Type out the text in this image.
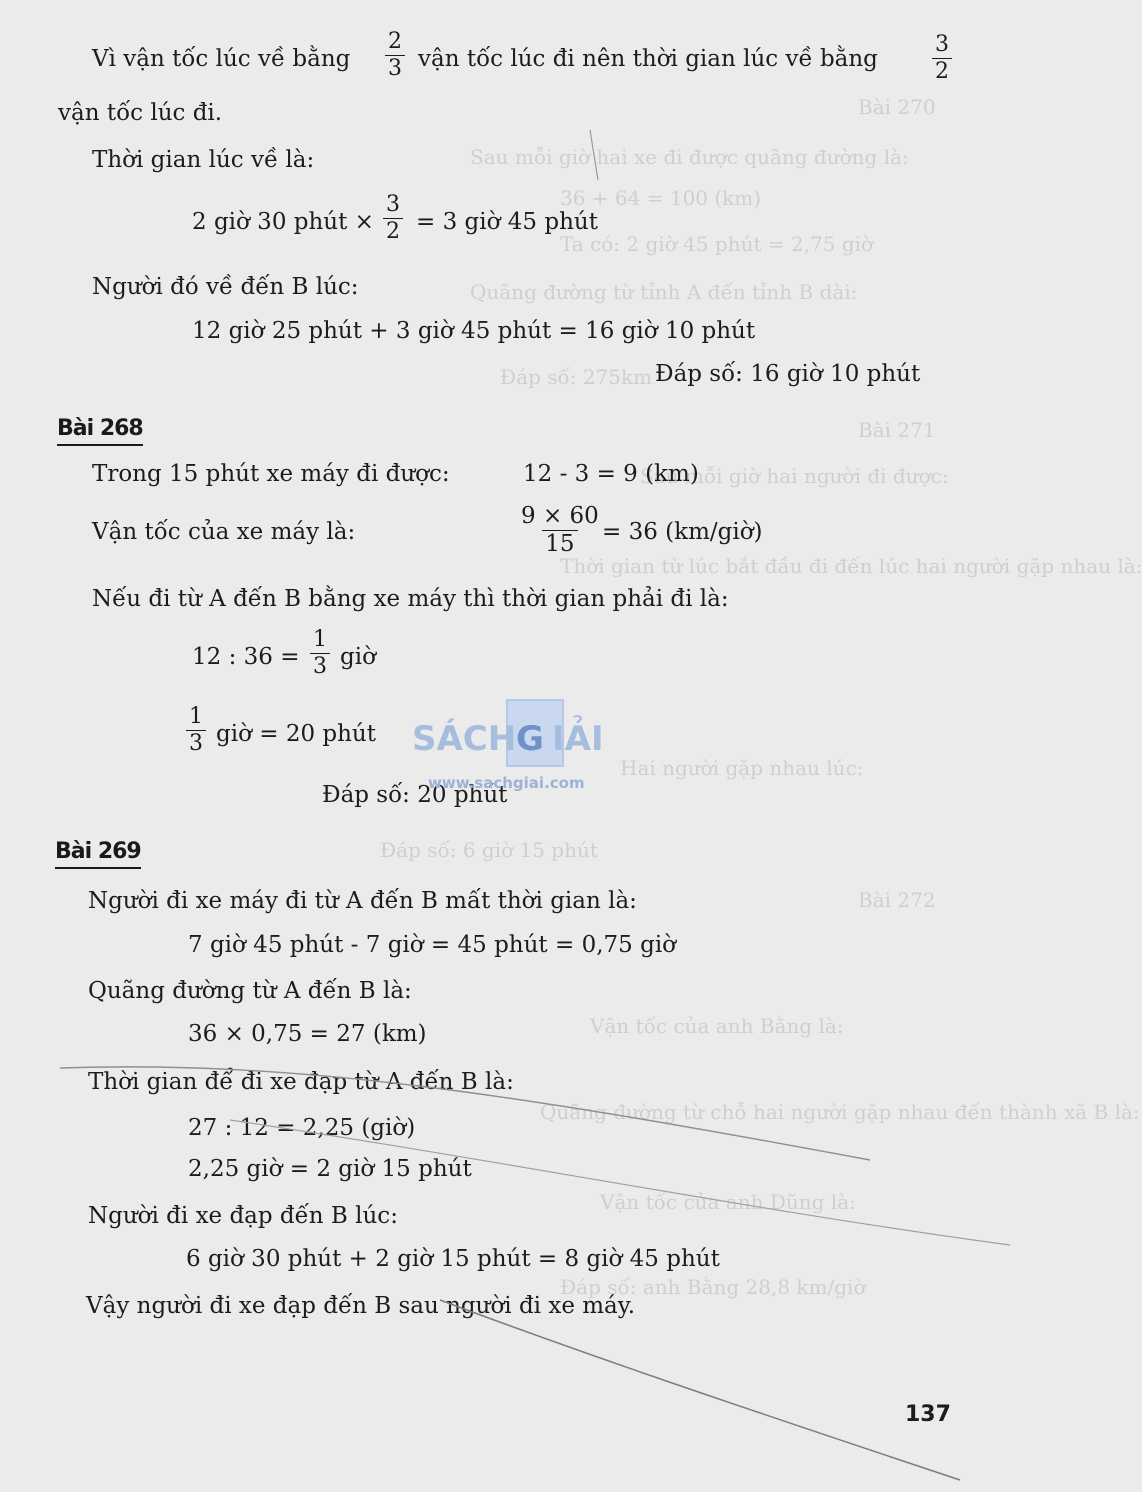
Bài 270
Sau mỗi giờ hai xe đi được quãng đường là:
36 + 64 = 100 (km)
Ta có: 2 giờ 45 phút = 2,75 giờ
Quãng đường từ tỉnh A đến tỉnh B dài:
Đáp số: 275km
Bài 271
Sau mỗi giờ hai người đi được:
Thời gian từ lúc bắt đầu đi đến lúc hai người gặp nhau là:
Hai người gặp nhau lúc:
Đáp số: 6 giờ 15 phút
Bài 272
Vận tốc của anh Bằng là:
Quãng đường từ chỗ hai người gặp nhau đến thành xã B là:
Vận tốc của anh Dũng là:
Đáp số: anh Bằng 28,8 km/giờ
Vì vận tốc lúc về bằng $\frac{2}{3}$ vận tốc lúc đi nên thời gian lúc về bằng $\frac{3}{2}$
vận tốc lúc đi.
Thời gian lúc về là:
2 giờ 30 phút × $\frac{3}{2} = 3$ giờ 45 phút
Người đó về đến B lúc:
12 giờ 25 phút + 3 giờ 45 phút = 16 giờ 10 phút
Đáp số: 16 giờ 10 phút
Bài 268
Trong 15 phút xe máy đi được:	12 - 3 = 9 (km)
Vận tốc của xe máy là:	$\frac{9 \times 60}{15} = 36$ (km/giờ)
Nếu đi từ A đến B bằng xe máy thì thời gian phải đi là:
12 : $36 = \frac{1}{3}$ giờ
$\frac{1}{3}$ giờ = 20 phút
Đáp số: 20 phút
SÁCH G IẢI
www.sachgiai.com
Bài 269
Người đi xe máy đi từ A đến B mất thời gian là:
7 giờ 45 phút - 7 giờ = 45 phút = 0,75 giờ
Quãng đường từ A đến B là:
36 × 0,75 = 27 (km)
Thời gian để đi xe đạp từ A đến B là:
27 : 12 = 2,25 (giờ)
2,25 giờ = 2 giờ 15 phút
Người đi xe đạp đến B lúc:
6 giờ 30 phút + 2 giờ 15 phút = 8 giờ 45 phút
Vậy người đi xe đạp đến B sau người đi xe máy.
137
